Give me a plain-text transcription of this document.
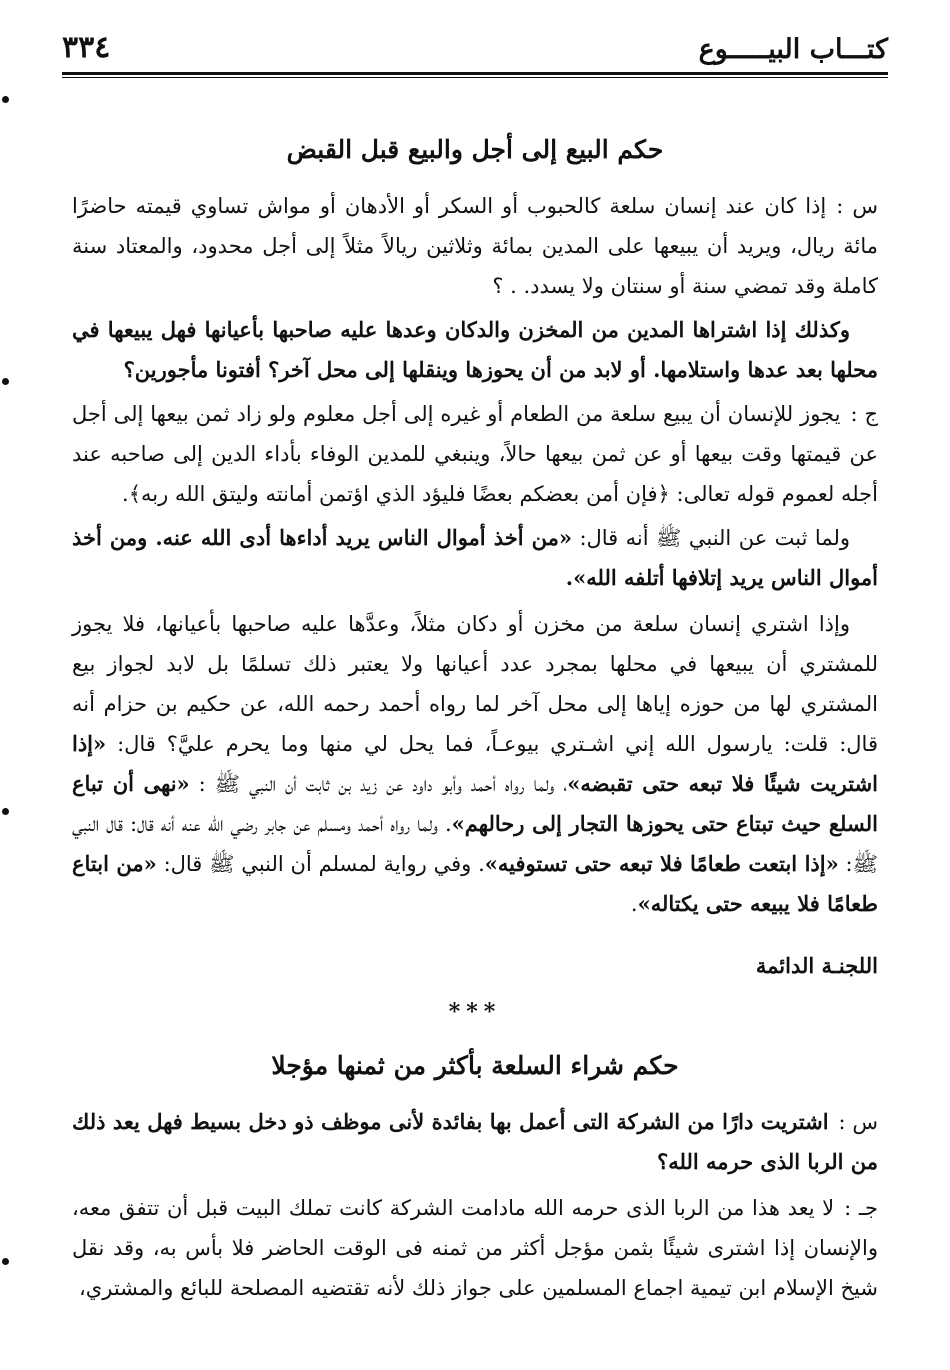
كتـــاب البيـــــوع
٣٣٤
حكم البيع إلى أجل والبيع قبل القبض

س :إذا كان عند إنسان سلعة كالحبوب أو السكر أو الأدهان أو مواش تساوي قيمته حاضرًا مائة ريال، ويريد أن يبيعها على المدين بمائة وثلاثين ريالاً مثلاً إلى أجل محدود، والمعتاد سنة كاملة وقد تمضي سنة أو سنتان ولا يسدد. . ؟

وكذلك إذا اشتراها المدين من المخزن والدكان وعدها عليه صاحبها بأعيانها فهل يبيعها في محلها بعد عدها واستلامها. أو لابد من أن يحوزها وينقلها إلى محل آخر؟ أفتونا مأجورين؟

ج :يجوز للإنسان أن يبيع سلعة من الطعام أو غيره إلى أجل معلوم ولو زاد ثمن بيعها إلى أجل عن قيمتها وقت بيعها أو عن ثمن بيعها حالاً، وينبغي للمدين الوفاء بأداء الدين إلى صاحبه عند أجله لعموم قوله تعالى: ﴿فإن أمن بعضكم بعضًا فليؤد الذي اؤتمن أمانته وليتق الله ربه﴾.

ولما ثبت عن النبي ﷺ أنه قال: «من أخذ أموال الناس يريد أداءها أدى الله عنه. ومن أخذ أموال الناس يريد إتلافها أتلفه الله».

وإذا اشتري إنسان سلعة من مخزن أو دكان مثلاً، وعدَّها عليه صاحبها بأعيانها، فلا يجوز للمشتري أن يبيعها في محلها بمجرد عدد أعيانها ولا يعتبر ذلك تسلمًا بل لابد لجواز بيع المشتري لها من حوزه إياها إلى محل آخر لما رواه أحمد رحمه الله، عن حكيم بن حزام أنه قال: قلت: يارسول الله إني اشـتري بيوعـاً، فما يحل لي منها وما يحرم عليَّ؟ قال: «إذا اشتريت شيئًا فلا تبعه حتى تقبضه»، ولما رواه أحمد وأبو داود عن زيد بن ثابت أن النبي ﷺ : «نهى أن تباع السلع حيث تبتاع حتى يحوزها التجار إلى رحالهم». ولما رواه أحمد ومسلم عن جابر رضي الله عنه أنه قال: قال النبي ﷺ: «إذا ابتعت طعامًا فلا تبعه حتى تستوفيه». وفي رواية لمسلم أن النبي ﷺ قال: «من ابتاع طعامًا فلا يبيعه حتى يكتاله».

اللجنـة الدائمة
***
حكم شراء السلعة بأكثر من ثمنها مؤجلا

س :اشتريت دارًا من الشركة التى أعمل بها بفائدة لأنى موظف ذو دخل بسيط فهل يعد ذلك من الربا الذى حرمه الله؟

جـ :لا يعد هذا من الربا الذى حرمه الله مادامت الشركة كانت تملك البيت قبل أن تتفق معه، والإنسان إذا اشترى شيئًا بثمن مؤجل أكثر من ثمنه فى الوقت الحاضر فلا بأس به، وقد نقل شيخ الإسلام ابن تيمية اجماع المسلمين على جواز ذلك لأنه تقتضيه المصلحة للبائع والمشتري،
